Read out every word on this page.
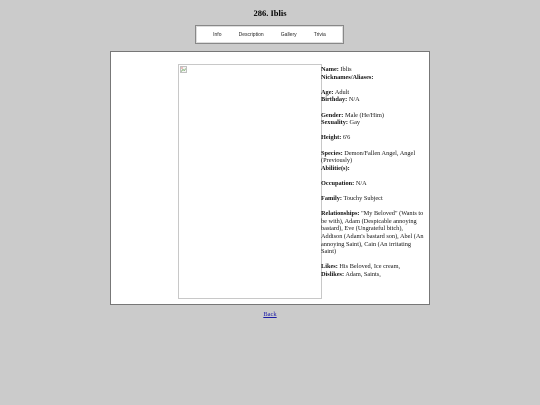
286. Iblis
Info	Description	Gallery	Trivia

Name: Iblis

Nicknames/Aliases:

Age: Adult

Birthday: N/A

Gender: Male (He/Him)

Sexuality: Gay

Height: 6'6

Species: Demon/Fallen Angel, Angel (Previously)

Abilitie(s):

Occupation: N/A

Family: Touchy Subject

Relationships: "My Beloved" (Wants to be with), Adam (Despicable annoying bastard), Eve (Ungrateful bitch), Addison (Adam's bastard son), Abel (An annoying Saint), Cain (An irritating Saint)

Likes: His Beloved, Ice cream,

Dislikes: Adam, Saints,

Back
